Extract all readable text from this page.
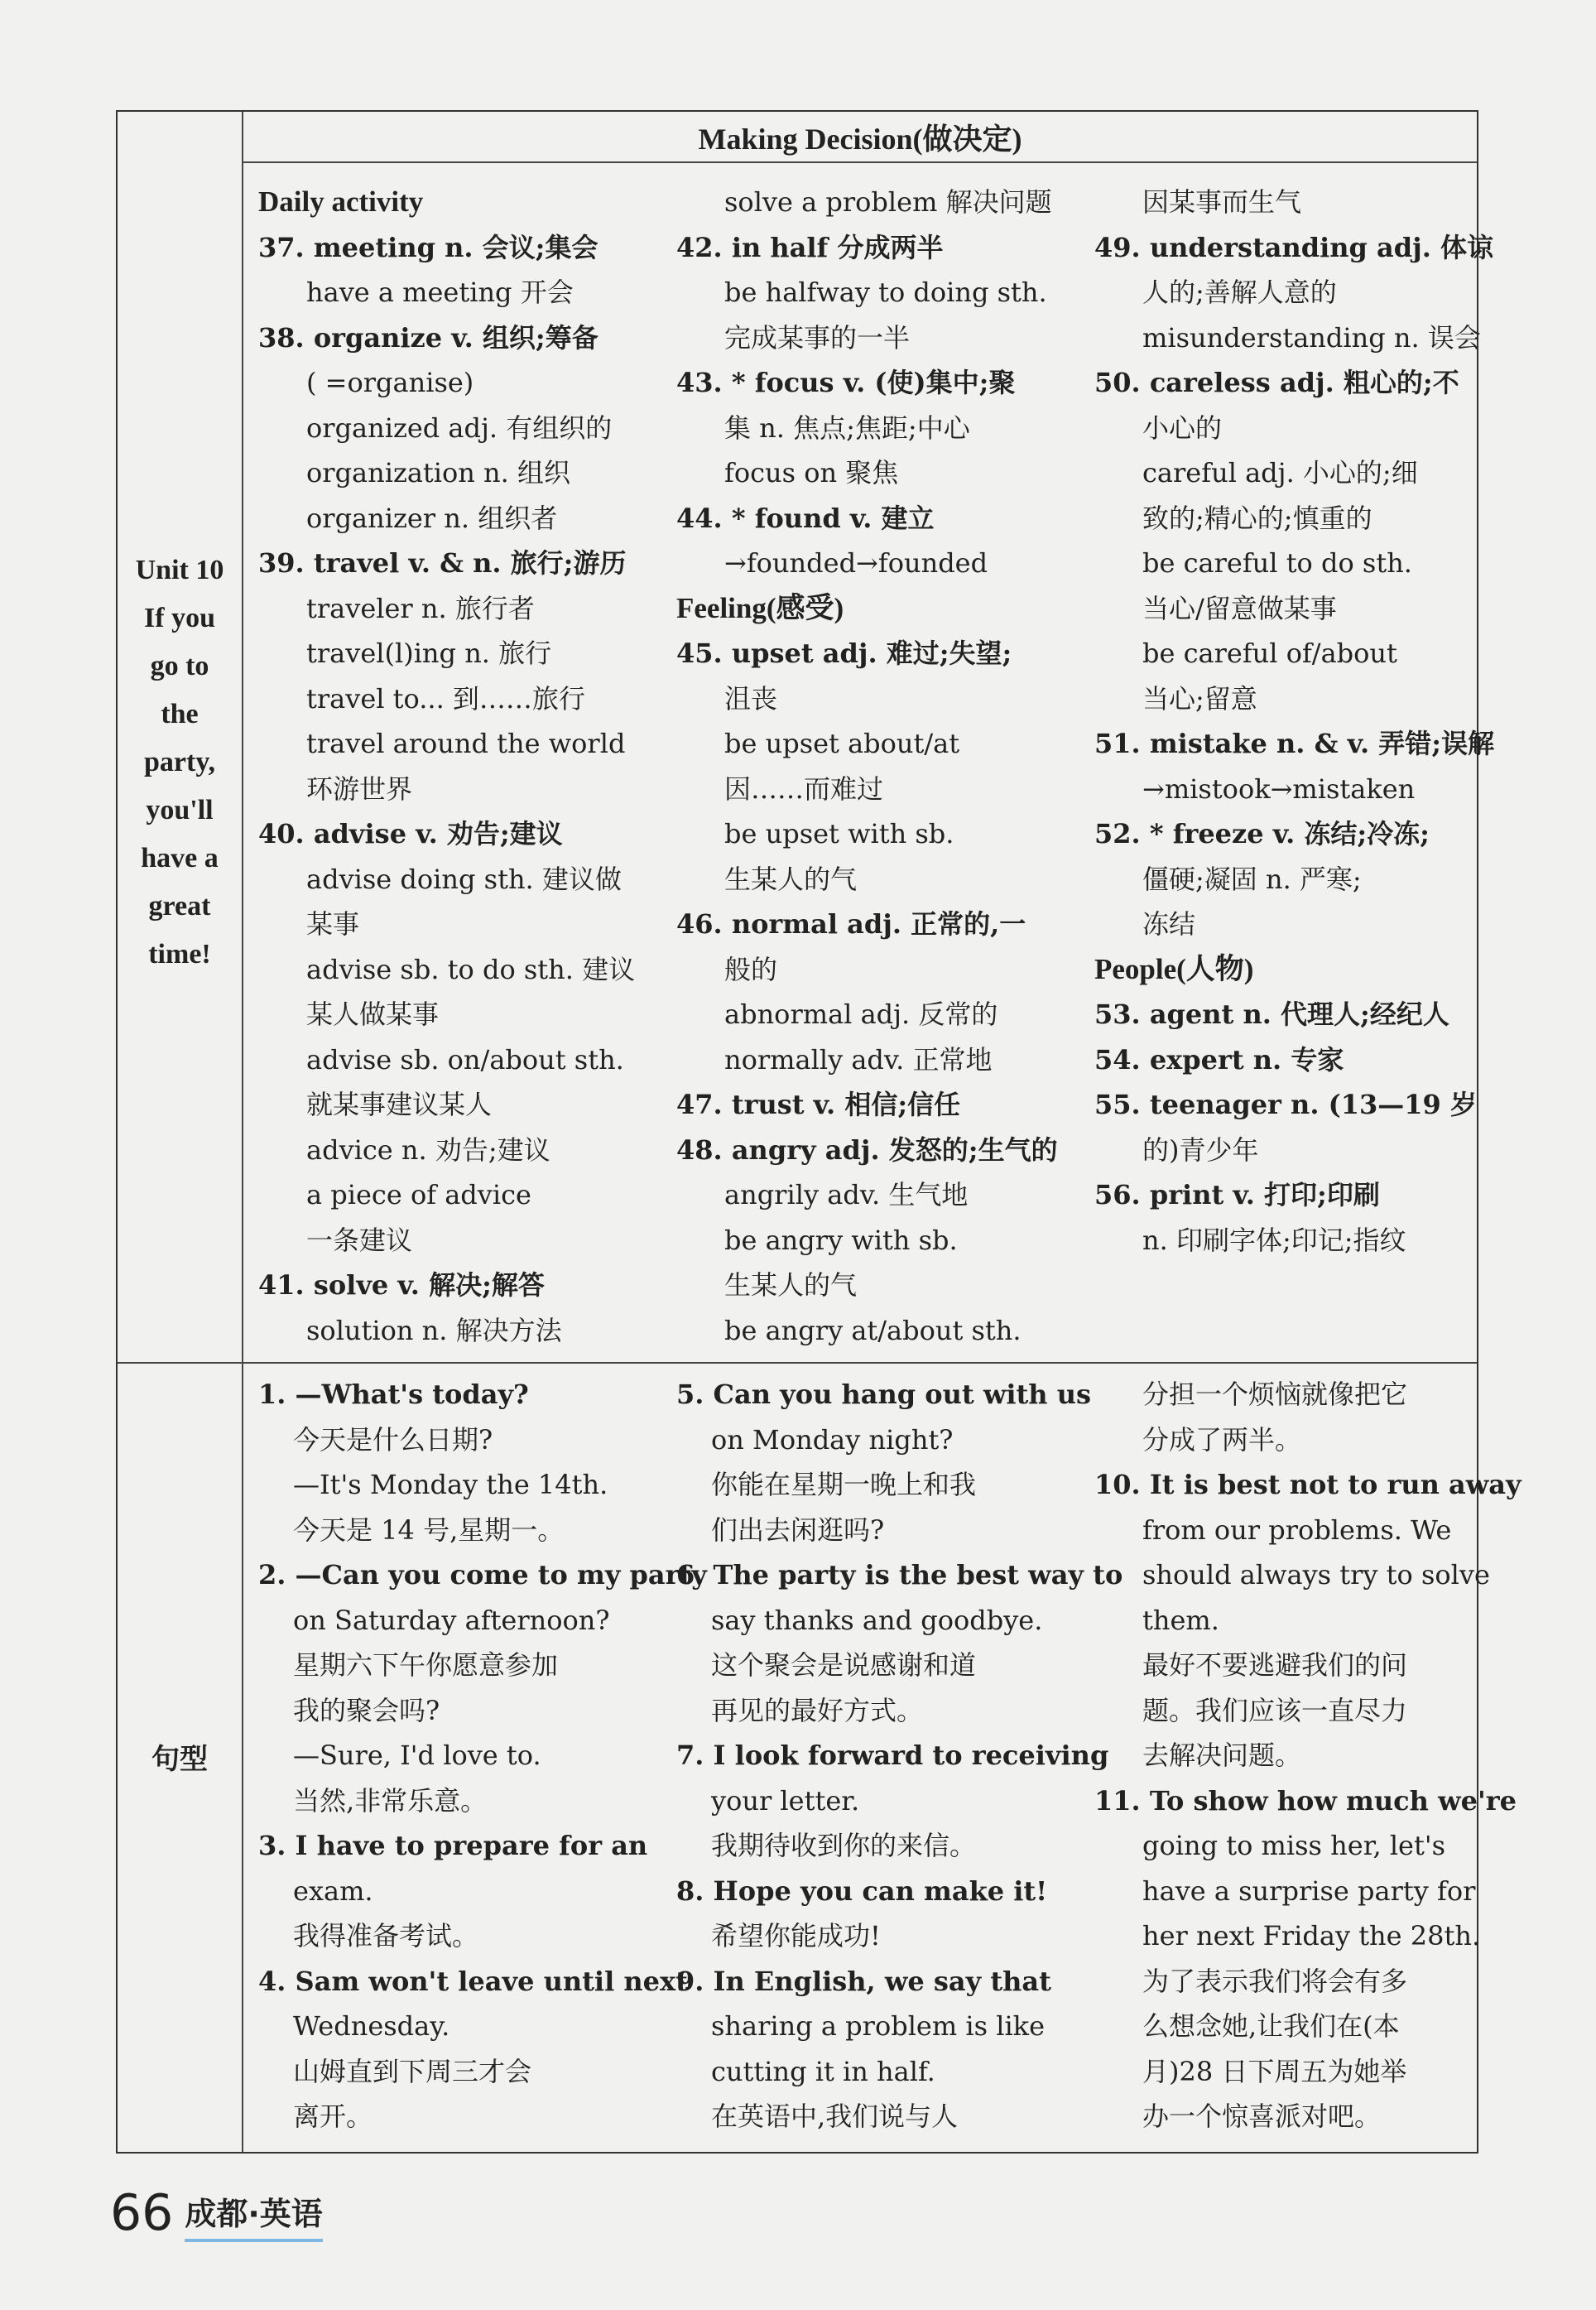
Making Decision(做决定)
Unit 10
If you
go to
the
party,
you'll
have a
great
time!
句型
Daily activity
37. meeting n. 会议;集会
have a meeting 开会
38. organize v. 组织;筹备
( =organise)
organized adj. 有组织的
organization n. 组织
organizer n. 组织者
39. travel v. & n. 旅行;游历
traveler n. 旅行者
travel(l)ing n. 旅行
travel to... 到……旅行
travel around the world
环游世界
40. advise v. 劝告;建议
advise doing sth. 建议做
某事
advise sb. to do sth. 建议
某人做某事
advise sb. on/about sth.
就某事建议某人
advice n. 劝告;建议
a piece of advice
一条建议
41. solve v. 解决;解答
solution n. 解决方法
solve a problem 解决问题
42. in half 分成两半
be halfway to doing sth.
完成某事的一半
43. * focus v. (使)集中;聚
集 n. 焦点;焦距;中心
focus on 聚焦
44. * found v. 建立
→founded→founded
Feeling(感受)
45. upset adj. 难过;失望;
沮丧
be upset about/at
因……而难过
be upset with sb.
生某人的气
46. normal adj. 正常的,一
般的
abnormal adj. 反常的
normally adv. 正常地
47. trust v. 相信;信任
48. angry adj. 发怒的;生气的
angrily adv. 生气地
be angry with sb.
生某人的气
be angry at/about sth.
因某事而生气
49. understanding adj. 体谅
人的;善解人意的
misunderstanding n. 误会
50. careless adj. 粗心的;不
小心的
careful adj. 小心的;细
致的;精心的;慎重的
be careful to do sth.
当心/留意做某事
be careful of/about
当心;留意
51. mistake n. & v. 弄错;误解
→mistook→mistaken
52. * freeze v. 冻结;冷冻;
僵硬;凝固 n. 严寒;
冻结
People(人物)
53. agent n. 代理人;经纪人
54. expert n. 专家
55. teenager n. (13—19 岁
的)青少年
56. print v. 打印;印刷
n. 印刷字体;印记;指纹
1. —What's today?
今天是什么日期?
—It's Monday the 14th.
今天是 14 号,星期一。
2. —Can you come to my party
on Saturday afternoon?
星期六下午你愿意参加
我的聚会吗?
—Sure, I'd love to.
当然,非常乐意。
3. I have to prepare for an
exam.
我得准备考试。
4. Sam won't leave until next
Wednesday.
山姆直到下周三才会
离开。
5. Can you hang out with us
on Monday night?
你能在星期一晚上和我
们出去闲逛吗?
6. The party is the best way to
say thanks and goodbye.
这个聚会是说感谢和道
再见的最好方式。
7. I look forward to receiving
your letter.
我期待收到你的来信。
8. Hope you can make it!
希望你能成功!
9. In English, we say that
sharing a problem is like
cutting it in half.
在英语中,我们说与人
分担一个烦恼就像把它
分成了两半。
10. It is best not to run away
from our problems. We
should always try to solve
them.
最好不要逃避我们的问
题。我们应该一直尽力
去解决问题。
11. To show how much we're
going to miss her, let's
have a surprise party for
her next Friday the 28th.
为了表示我们将会有多
么想念她,让我们在(本
月)28 日下周五为她举
办一个惊喜派对吧。
66 成都·英语
